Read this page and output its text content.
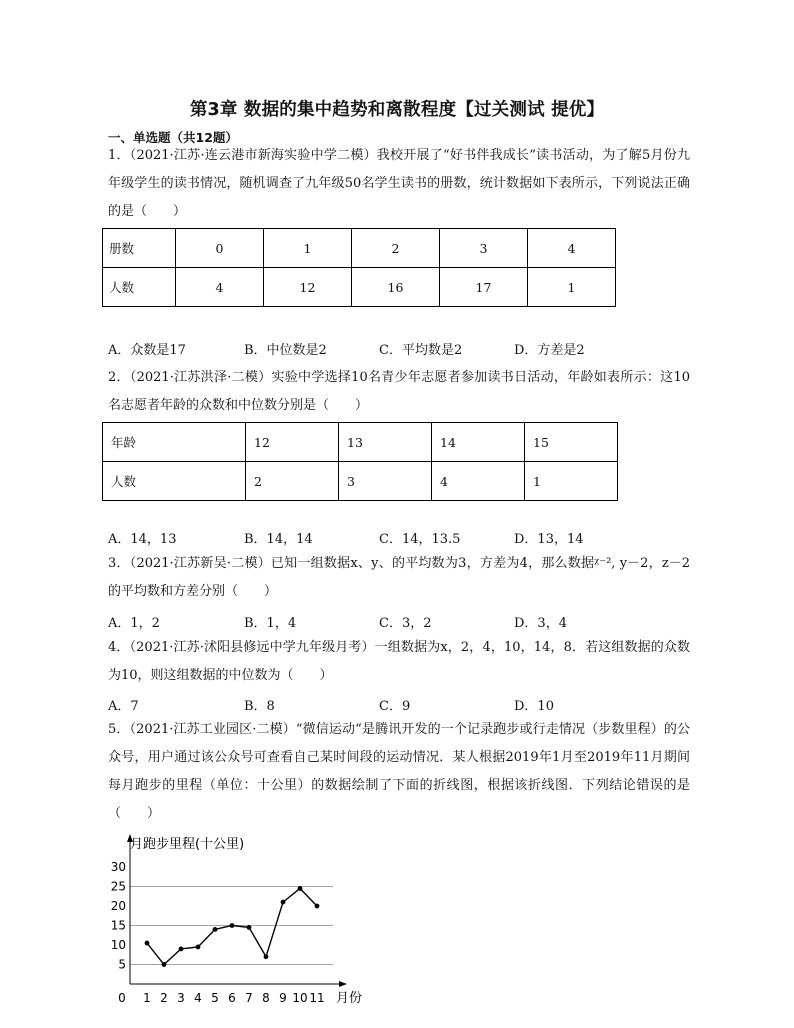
第3章 数据的集中趋势和离散程度【过关测试 提优】
一、单选题（共12题）
1．（2021·江苏·连云港市新海实验中学二模）我校开展了“好书伴我成长”读书活动，为了解5月份九年级学生的读书情况，随机调查了九年级50名学生读书的册数，统计数据如下表所示，下列说法正确的是（　　）
册数	0	1	2	3	4
人数	4	12	16	17	1
A．众数是17	B．中位数是2	C．平均数是2	D．方差是2
2．（2021·江苏洪泽·二模）实验中学选择10名青少年志愿者参加读书日活动，年龄如表所示：这10名志愿者年龄的众数和中位数分别是（　　）
年龄	12	13	14	15
人数	2	3	4	1
A．14，13	B．14，14	C．14，13.5	D．13，14
3．（2021·江苏新吴·二模）已知一组数据x、y、的平均数为3，方差为4，那么数据ᵡ⁻², y－2，z－2的平均数和方差分别（　　）
A．1，2	B．1，4	C．3，2	D．3，4
4．（2021·江苏·沭阳县修远中学九年级月考）一组数据为x，2，4，10，14，8．若这组数据的众数为10，则这组数据的中位数为（　　）
A．7	B．8	C．9	D．10
5．（2021·江苏工业园区·二模）“微信运动“是腾讯开发的一个记录跑步或行走情况（步数里程）的公众号，用户通过该公众号可查看自己某时间段的运动情况．某人根据2019年1月至2019年11月期间每月跑步的里程（单位：十公里）的数据绘制了下面的折线图，根据该折线图．下列结论错误的是（　　）
5
10
15
20
25
30
0 1 2 3 4 5 6 7 8 9 10 11
月跑步里程(十公里)
月份
